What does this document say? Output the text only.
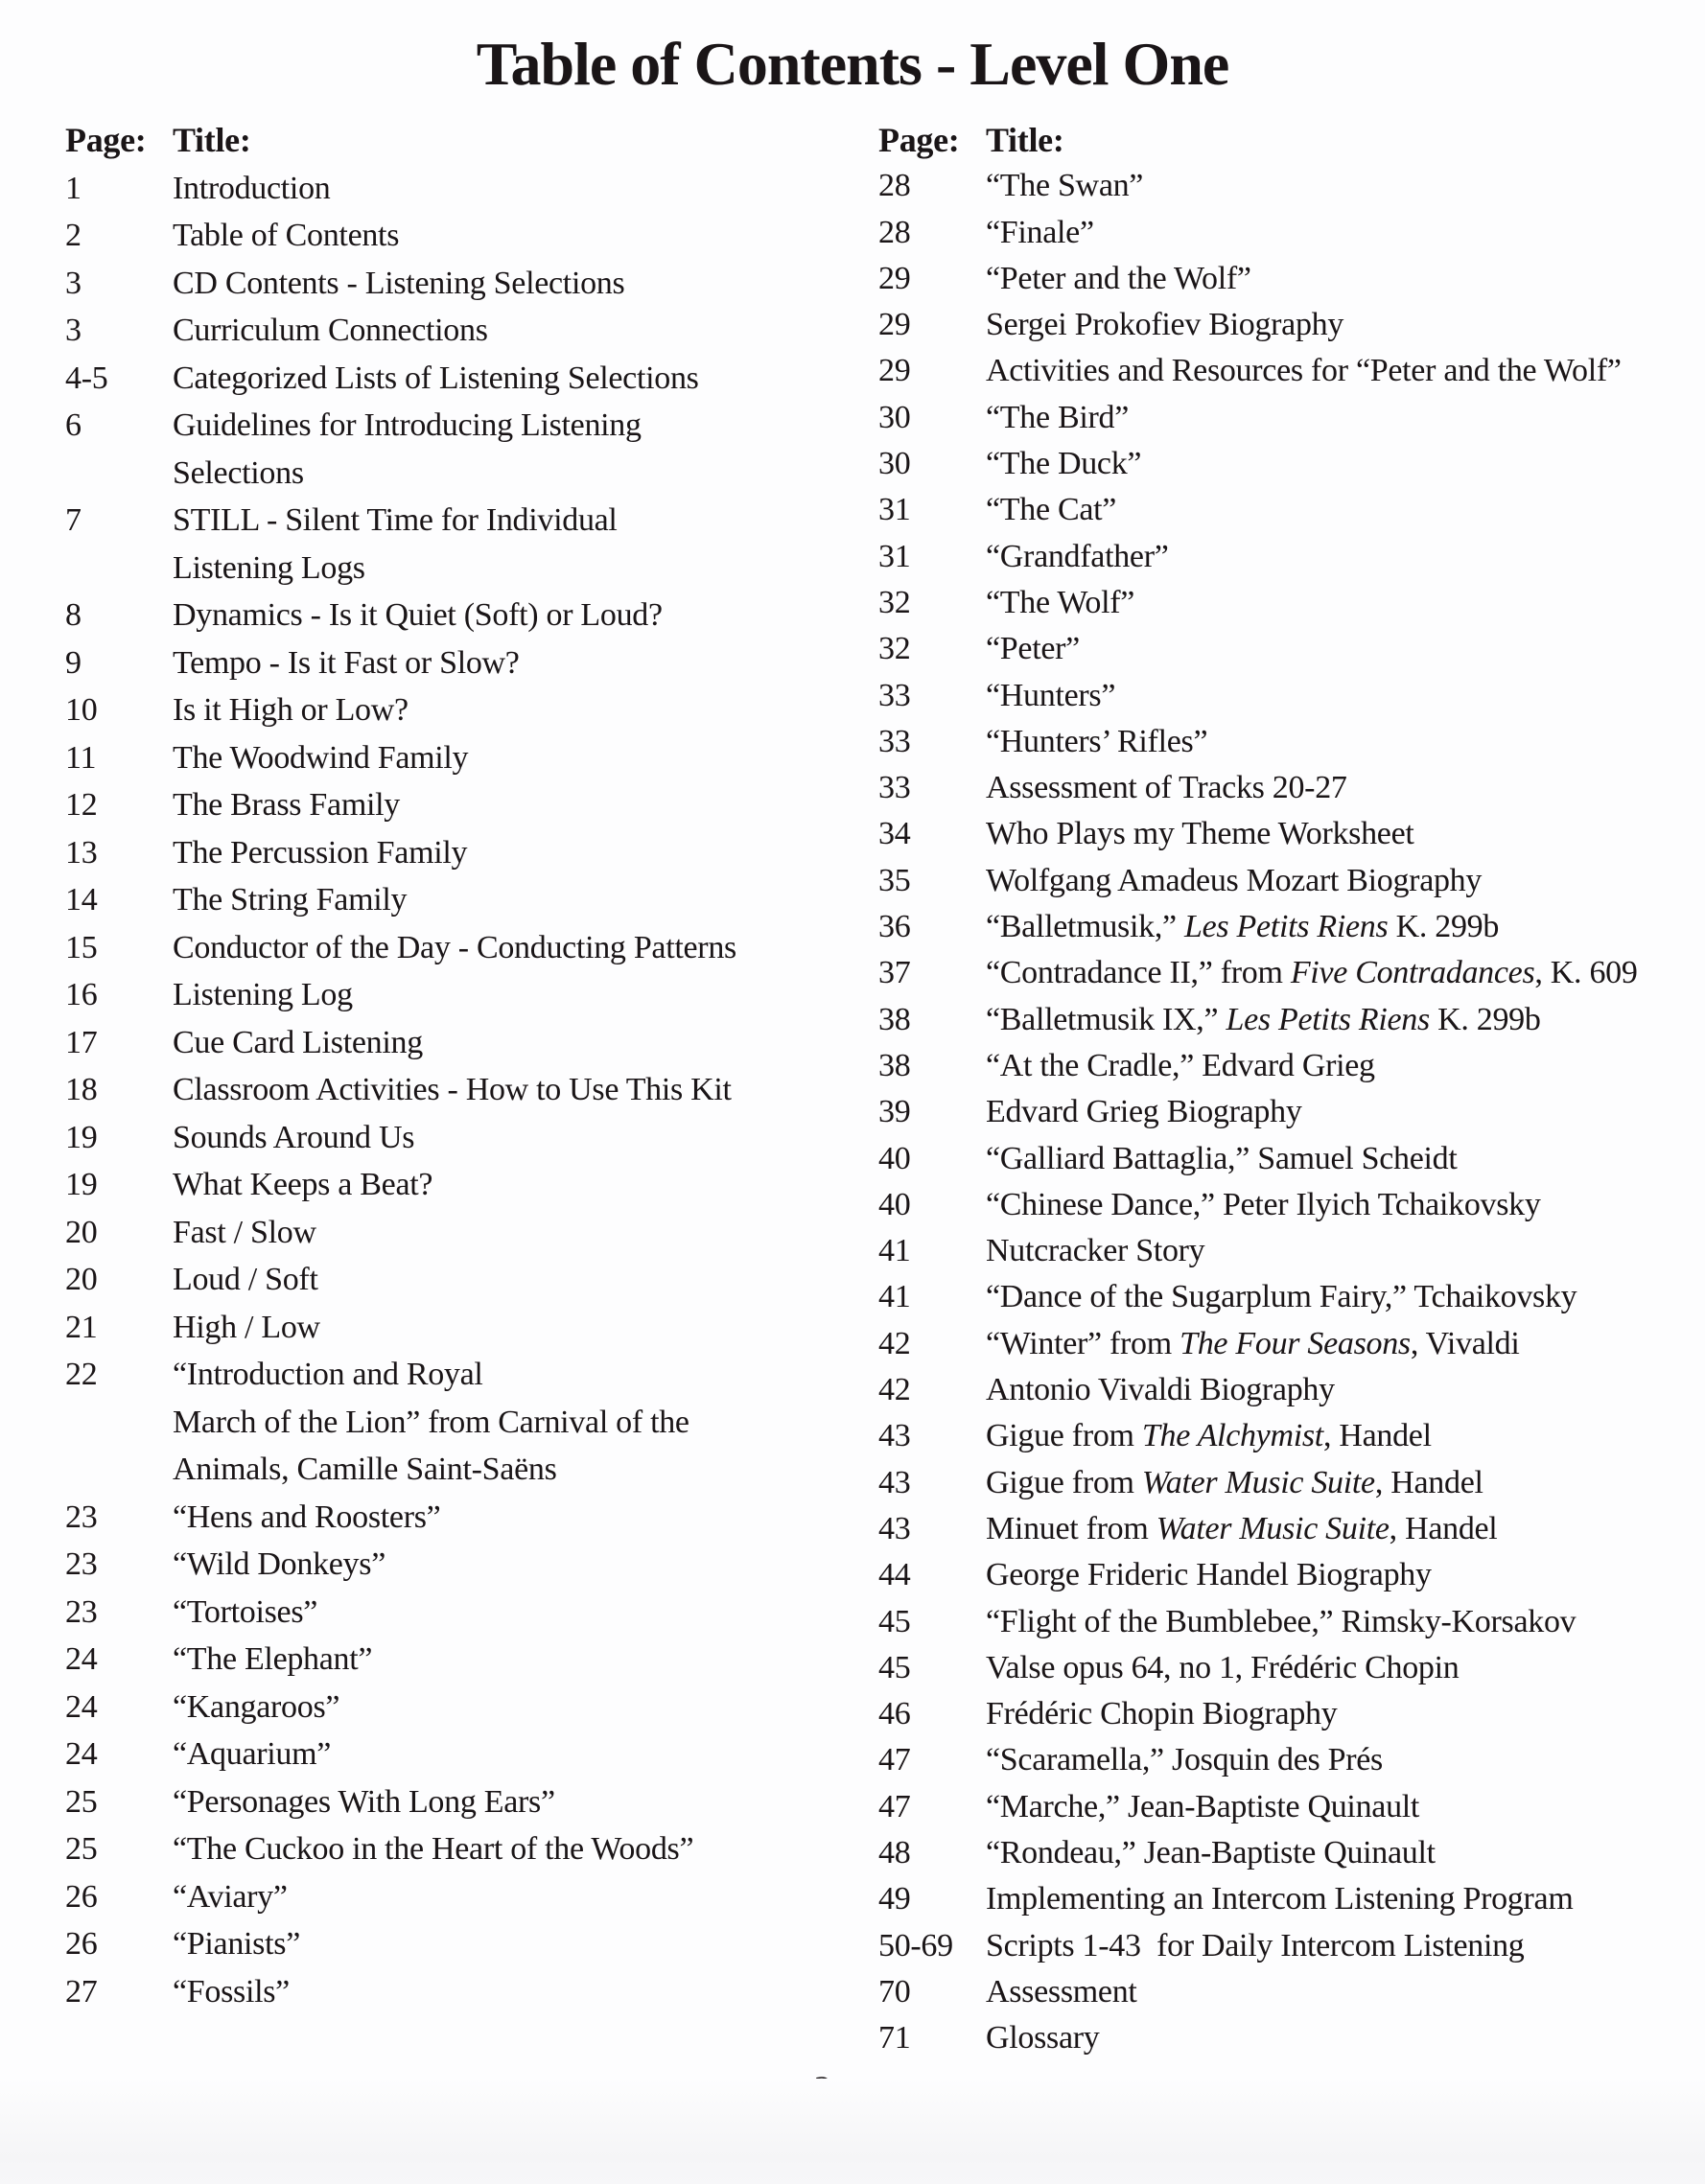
Table of Contents - Level One
Page: Title:
1	Introduction
2	Table of Contents
3	CD Contents - Listening Selections
3	Curriculum Connections
4-5	Categorized Lists of Listening Selections
6	Guidelines for Introducing Listening
Selections
7	STILL - Silent Time for Individual
Listening Logs
8	Dynamics - Is it Quiet (Soft) or Loud?
9	Tempo - Is it Fast or Slow?
10	Is it High or Low?
11	The Woodwind Family
12	The Brass Family
13	The Percussion Family
14	The String Family
15	Conductor of the Day - Conducting Patterns
16	Listening Log
17	Cue Card Listening
18	Classroom Activities - How to Use This Kit
19	Sounds Around Us
19	What Keeps a Beat?
20	Fast / Slow
20	Loud / Soft
21	High / Low
22	“Introduction and Royal
March of the Lion” from Carnival of the
Animals, Camille Saint-Saëns
23	“Hens and Roosters”
23	“Wild Donkeys”
23	“Tortoises”
24	“The Elephant”
24	“Kangaroos”
24	“Aquarium”
25	“Personages With Long Ears”
25	“The Cuckoo in the Heart of the Woods”
26	“Aviary”
26	“Pianists”
27	“Fossils”
Page: Title:
28	“The Swan”
28	“Finale”
29	“Peter and the Wolf”
29	Sergei Prokofiev Biography
29	Activities and Resources for “Peter and the Wolf”
30	“The Bird”
30	“The Duck”
31	“The Cat”
31	“Grandfather”
32	“The Wolf”
32	“Peter”
33	“Hunters”
33	“Hunters’ Rifles”
33	Assessment of Tracks 20-27
34	Who Plays my Theme Worksheet
35	Wolfgang Amadeus Mozart Biography
36	“Balletmusik,” Les Petits Riens K. 299b
37	“Contradance II,” from Five Contradances, K. 609
38	“Balletmusik IX,” Les Petits Riens K. 299b
38	“At the Cradle,” Edvard Grieg
39	Edvard Grieg Biography
40	“Galliard Battaglia,” Samuel Scheidt
40	“Chinese Dance,” Peter Ilyich Tchaikovsky
41	Nutcracker Story
41	“Dance of the Sugarplum Fairy,” Tchaikovsky
42	“Winter” from The Four Seasons, Vivaldi
42	Antonio Vivaldi Biography
43	Gigue from The Alchymist, Handel
43	Gigue from Water Music Suite, Handel
43	Minuet from Water Music Suite, Handel
44	George Frideric Handel Biography
45	“Flight of the Bumblebee,” Rimsky-Korsakov
45	Valse opus 64, no 1, Frédéric Chopin
46	Frédéric Chopin Biography
47	“Scaramella,” Josquin des Prés
47	“Marche,” Jean-Baptiste Quinault
48	“Rondeau,” Jean-Baptiste Quinault
49	Implementing an Intercom Listening Program
50-69	Scripts 1-43  for Daily Intercom Listening
70	Assessment
71	Glossary
